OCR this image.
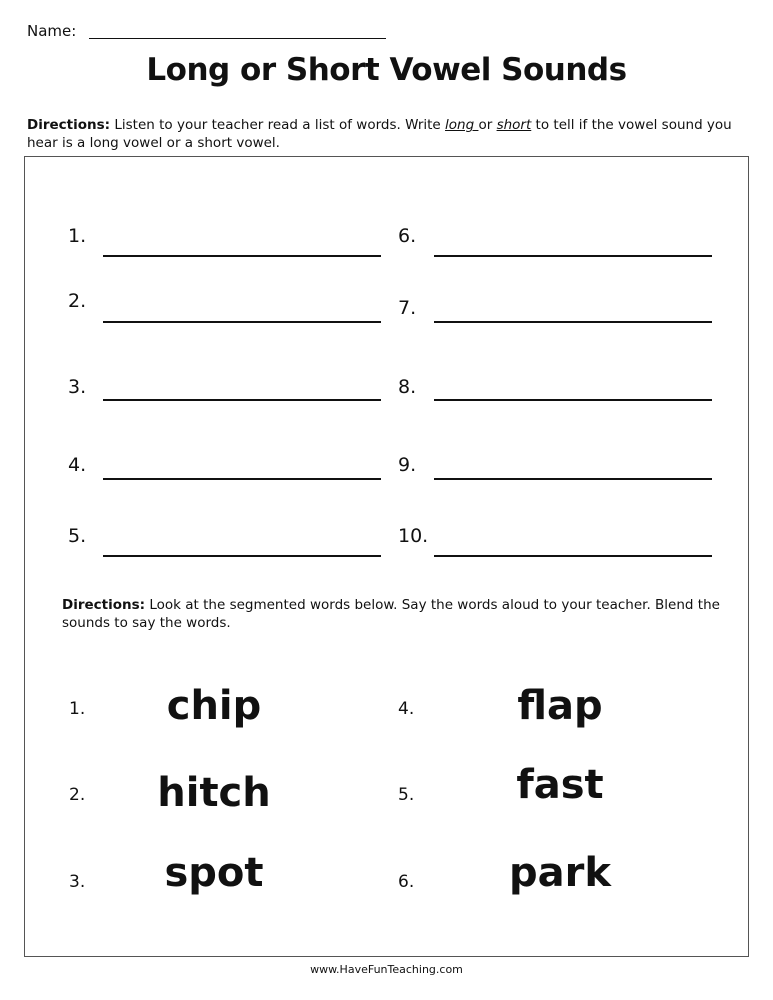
Name:
Long or Short Vowel Sounds
Directions: Listen to your teacher read a list of words. Write long or short to tell if the vowel sound you hear is a long vowel or a short vowel.
1.
2.
3.
4.
5.
6.
7.
8.
9.
10.
Directions: Look at the segmented words below. Say the words aloud to your teacher. Blend the sounds to say the words.
1.	chip
2.	hitch
3.	spot
4.	flap
5.	fast
6.	park
www.HaveFunTeaching.com
